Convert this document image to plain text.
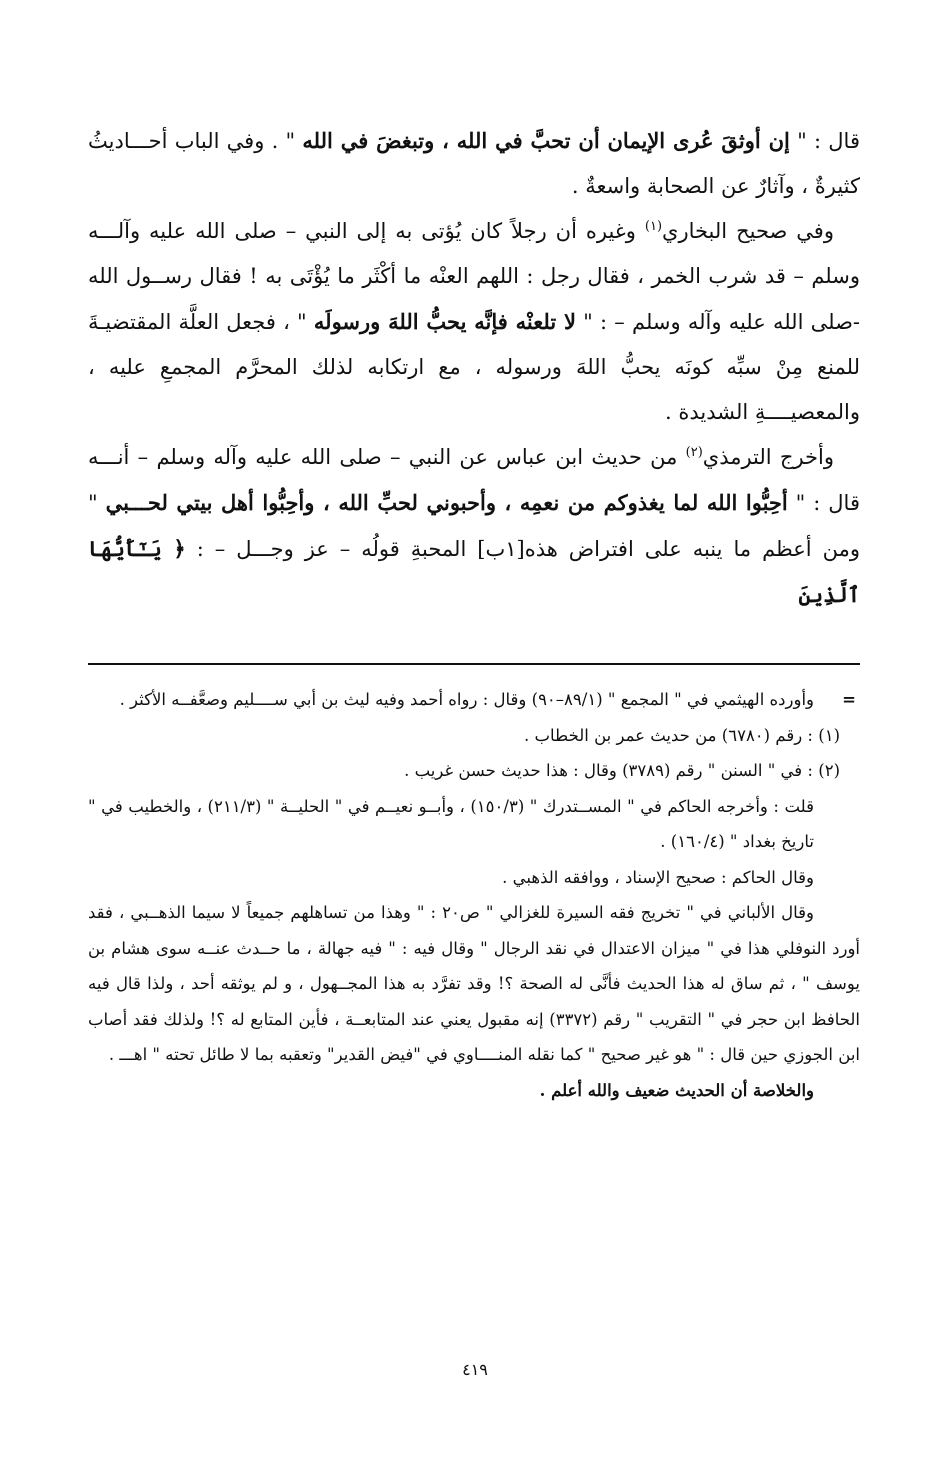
قال : " إن أوثقَ عُرى الإيمان أن تحبَّ في الله ، وتبغضَ في الله " . وفي الباب أحـــاديثُ كثيرةٌ ، وآثارٌ عن الصحابة واسعةٌ .

وفي صحيح البخاري$^{(١)}$ وغيره أن رجلاً كان يُؤتى به إلى النبي – صلى الله عليه وآلـــه وسلم – قد شرب الخمر ، فقال رجل : اللهم العنْه ما أكْثَر ما يُؤْتَى به ! فقال رســول الله -صلى الله عليه وآله وسلم – : " لا تلعنْه فإنَّه يحبُّ اللهَ ورسولَه " ، فجعل العلَّة المقتضيـةَ للمنع مِنْ سبِّه كونَه يحبُّ اللهَ ورسوله ، مع ارتكابه لذلك المحرَّم المجمعِ عليه ، والمعصيــــةِ الشديدة .

وأخرج الترمذي$^{(٢)}$ من حديث ابن عباس عن النبي – صلى الله عليه وآله وسلم – أنـــه قال : " أحِبُّوا الله لما يغذوكم من نعمِه ، وأحبوني لحبِّ الله ، وأحِبُّوا أهل بيتي لحـــبي " ومن أعظم ما ينبه على افتراض هذه[١ب] المحبةِ قولُه – عز وجـــل – : ﴿ يَـٰٓأَيُّهَا ٱلَّذِينَ

=
وأورده الهيثمي في " المجمع " (٨٩/١–٩٠) وقال : رواه أحمد وفيه ليث بن أبي ســــليم وصعَّفــه الأكثر .

(١) : رقم (٦٧٨٠) من حديث عمر بن الخطاب .

(٢) : في " السنن " رقم (٣٧٨٩) وقال : هذا حديث حسن غريب .

قلت : وأخرجه الحاكم في " المســتدرك " (١٥٠/٣) ، وأبــو نعيــم في " الحليــة " (٢١١/٣) ، والخطيب في " تاريخ بغداد " (١٦٠/٤) .

وقال الحاكم : صحيح الإسناد ، ووافقه الذهبي .

وقال الألباني في " تخريج فقه السيرة للغزالي " ص٢٠ : " وهذا من تساهلهم جميعاً لا سيما الذهــبي ، فقد أورد النوفلي هذا في " ميزان الاعتدال في نقد الرجال " وقال فيه : " فيه جهالة ، ما حــدث عنــه سوى هشام بن يوسف " ، ثم ساق له هذا الحديث فأنَّى له الصحة ؟! وقد تفرَّد به هذا المجــهول ، و لم يوثقه أحد ، ولذا قال فيه الحافظ ابن حجر في " التقريب " رقم (٣٣٧٢) إنه مقبول يعني عند المتابعــة ، فأين المتابع له ؟! ولذلك فقد أصاب ابن الجوزي حين قال : " هو غير صحيح " كما نقله المنــــاوي في "فيض القدير" وتعقبه بما لا طائل تحته " اهـــ .

والخلاصة أن الحديث ضعيف والله أعلم .

٤١٩
